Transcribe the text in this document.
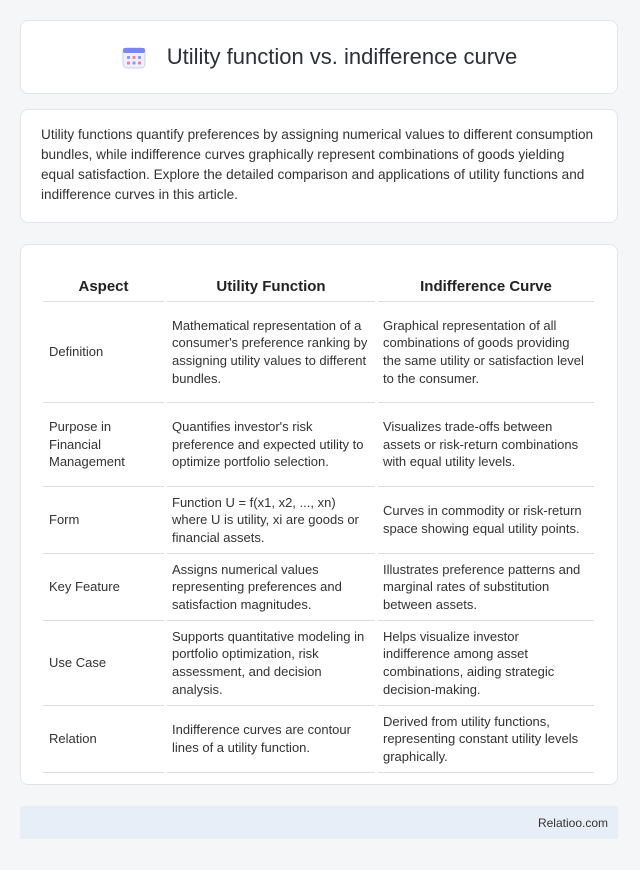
Utility function vs. indifference curve

Utility functions quantify preferences by assigning numerical values to different consumption bundles, while indifference curves graphically represent combinations of goods yielding equal satisfaction. Explore the detailed comparison and applications of utility functions and indifference curves in this article.

Aspect	Utility Function	Indifference Curve
Definition	Mathematical representation of a consumer's preference ranking by assigning utility values to different bundles.	Graphical representation of all combinations of goods providing the same utility or satisfaction level to the consumer.
Purpose in Financial Management	Quantifies investor's risk preference and expected utility to optimize portfolio selection.	Visualizes trade-offs between assets or risk-return combinations with equal utility levels.
Form	Function U = f(x1, x2, ..., xn) where U is utility, xi are goods or financial assets.	Curves in commodity or risk-return space showing equal utility points.
Key Feature	Assigns numerical values representing preferences and satisfaction magnitudes.	Illustrates preference patterns and marginal rates of substitution between assets.
Use Case	Supports quantitative modeling in portfolio optimization, risk assessment, and decision analysis.	Helps visualize investor indifference among asset combinations, aiding strategic decision-making.
Relation	Indifference curves are contour lines of a utility function.	Derived from utility functions, representing constant utility levels graphically.
Relatioo.com
